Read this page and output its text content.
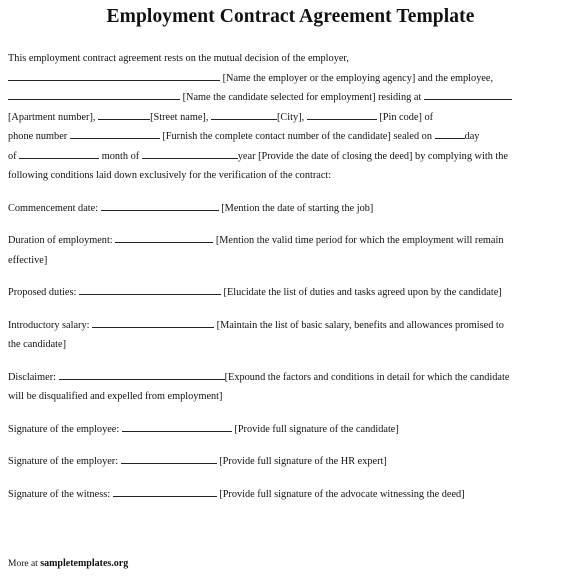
Employment Contract Agreement Template
This employment contract agreement rests on the mutual decision of the employer,
[Name the employer or the employing agency] and the employee,
[Name the candidate selected for employment] residing at
[Apartment number],	[Street name],	[City],	[Pin code] of
phone number	[Furnish the complete contact number of the candidate] sealed on	day
of	month of	year [Provide the date of closing the deed] by complying with the
following conditions laid down exclusively for the verification of the contract:
Commencement date:	[Mention the date of starting the job]
Duration of employment:	[Mention the valid time period for which the employment will remain
effective]
Proposed duties:	[Elucidate the list of duties and tasks agreed upon by the candidate]
Introductory salary:	[Maintain the list of basic salary, benefits and allowances promised to
the candidate]
Disclaimer:	[Expound the factors and conditions in detail for which the candidate
will be disqualified and expelled from employment]
Signature of the employee:	[Provide full signature of the candidate]
Signature of the employer:	[Provide full signature of the HR expert]
Signature of the witness:	[Provide full signature of the advocate witnessing the deed]
More at sampletemplates.org
